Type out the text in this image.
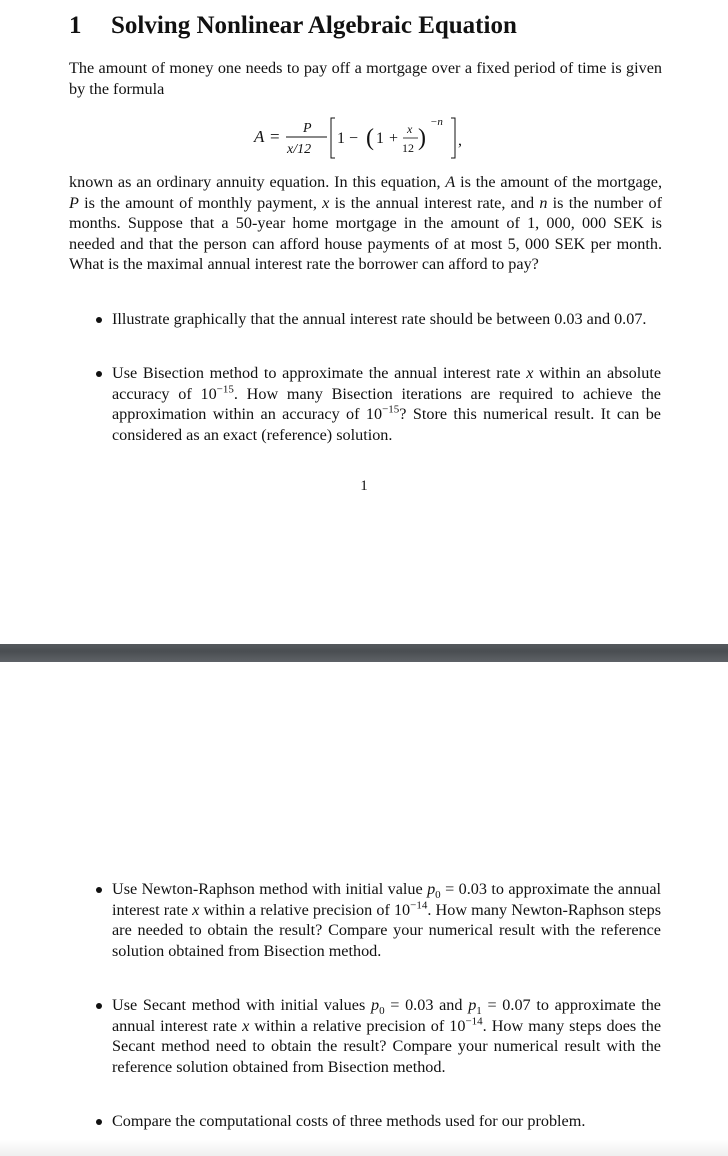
1 Solving Nonlinear Algebraic Equation

The amount of money one needs to pay off a mortgage over a fixed period of time is given by the formula

A = P
x/12
1 − ( 1 +
x
12 )
−n
,

known as an ordinary annuity equation. In this equation, A is the amount of the mortgage, P is the amount of monthly payment, x is the annual interest rate, and n is the number of months. Suppose that a 50-year home mortgage in the amount of 1, 000, 000 SEK is needed and that the person can afford house payments of at most 5, 000 SEK per month. What is the maximal annual interest rate the borrower can afford to pay?

Illustrate graphically that the annual interest rate should be between 0.03 and 0.07.

Use Bisection method to approximate the annual interest rate x within an absolute accuracy of $10^{-15}$. How many Bisection iterations are required to achieve the approximation within an accuracy of $10^{-15}$? Store this numerical result. It can be considered as an exact (reference) solution.

1

Use Newton-Raphson method with initial value $p_0 = 0.03$ to approximate the annual interest rate x within a relative precision of $10^{-14}$. How many Newton-Raphson steps are needed to obtain the result? Compare your numerical result with the reference solution obtained from Bisection method.

Use Secant method with initial values $p_0 = 0.03$ and $p_1 = 0.07$ to approximate the annual interest rate x within a relative precision of $10^{-14}$. How many steps does the Secant method need to obtain the result? Compare your numerical result with the reference solution obtained from Bisection method.

Compare the computational costs of three methods used for our problem.
